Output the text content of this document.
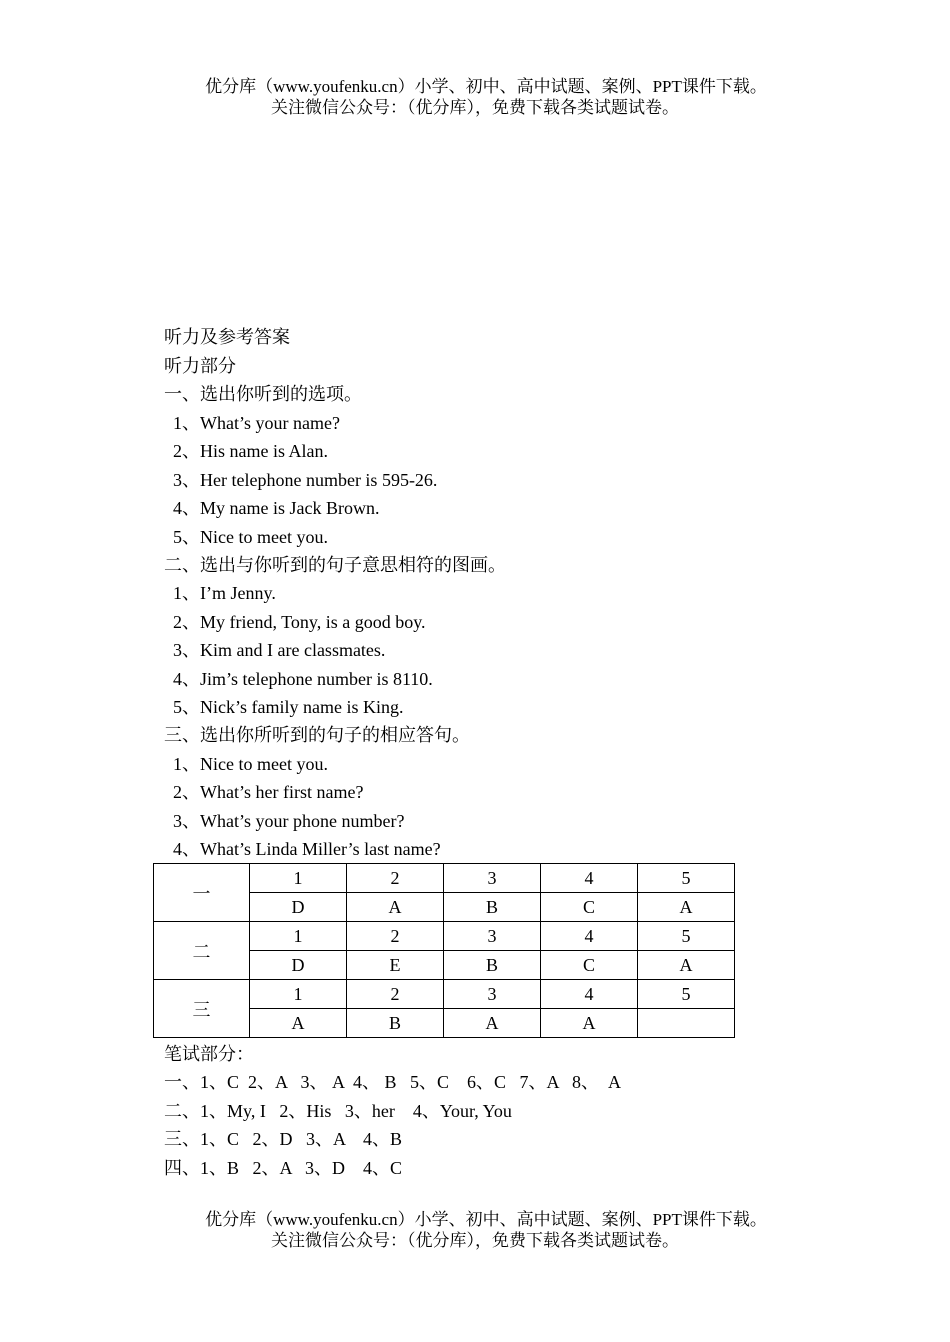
优分库（www.youfenku.cn）小学、初中、高中试题、案例、PPT课件下载。
关注微信公众号：（优分库），免费下载各类试题试卷。
听力及参考答案
听力部分
一、选出你听到的选项。
1、What’s your name?
2、His name is Alan.
3、Her telephone number is 595-26.
4、My name is Jack Brown.
5、Nice to meet you.
二、选出与你听到的句子意思相符的图画。
1、I’m Jenny.
2、My friend, Tony, is a good boy.
3、Kim and I are classmates.
4、Jim’s telephone number is 8110.
5、Nick’s family name is King.
三、选出你所听到的句子的相应答句。
1、Nice to meet you.
2、What’s her first name?
3、What’s your phone number?
4、What’s Linda Miller’s last name?
一	1	2	3	4	5
	D	A	B	C	A
二	1	2	3	4	5
	D	E	B	C	A
三	1	2	3	4	5
	A	B	A	A	
笔试部分：
一、1、C  2、A   3、 A  4、 B   5、C    6、C   7、A   8、  A
二、1、My, I   2、His   3、her    4、Your, You
三、1、C   2、D   3、A    4、B
四、1、B   2、A   3、D    4、C
优分库（www.youfenku.cn）小学、初中、高中试题、案例、PPT课件下载。
关注微信公众号：（优分库），免费下载各类试题试卷。
